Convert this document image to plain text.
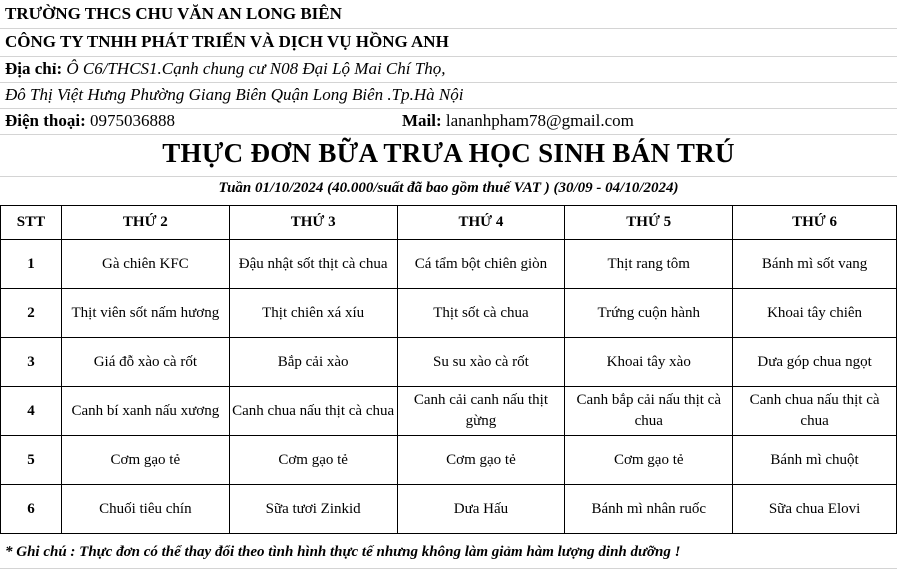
TRƯỜNG THCS CHU VĂN AN LONG BIÊN
CÔNG TY TNHH PHÁT TRIỂN VÀ DỊCH VỤ HỒNG ANH
Địa chỉ: Ô C6/THCS1.Cạnh chung cư N08 Đại Lộ Mai Chí Thọ,
Đô Thị Việt Hưng Phường Giang Biên Quận Long Biên .Tp.Hà Nội
Điện thoại: 0975036888	Mail: lananhpham78@gmail.com
THỰC ĐƠN BỮA TRƯA HỌC SINH BÁN TRÚ
Tuần 01/10/2024 (40.000/suất đã bao gồm thuế VAT ) (30/09 - 04/10/2024)
STT	THỨ 2	THỨ 3	THỨ 4	THỨ 5	THỨ 6
1	Gà chiên KFC	Đậu nhật sốt thịt cà chua	Cá tẩm bột chiên giòn	Thịt rang tôm	Bánh mì sốt vang
2	Thịt viên sốt nấm hương	Thịt chiên xá xíu	Thịt sốt cà chua	Trứng cuộn hành	Khoai tây chiên
3	Giá đỗ xào cà rốt	Bắp cải xào	Su su xào cà rốt	Khoai tây xào	Dưa góp chua ngọt
4	Canh bí xanh nấu xương	Canh chua nấu thịt cà chua	Canh cải canh nấu thịt gừng	Canh bắp cải nấu thịt cà chua	Canh chua nấu thịt cà chua
5	Cơm gạo tẻ	Cơm gạo tẻ	Cơm gạo tẻ	Cơm gạo tẻ	Bánh mì chuột
6	Chuối tiêu chín	Sữa tươi Zinkid	Dưa Hấu	Bánh mì nhân ruốc	Sữa chua Elovi
* Ghi chú : Thực đơn có thể thay đổi theo tình hình thực tế nhưng không làm giảm hàm lượng dinh dưỡng !
